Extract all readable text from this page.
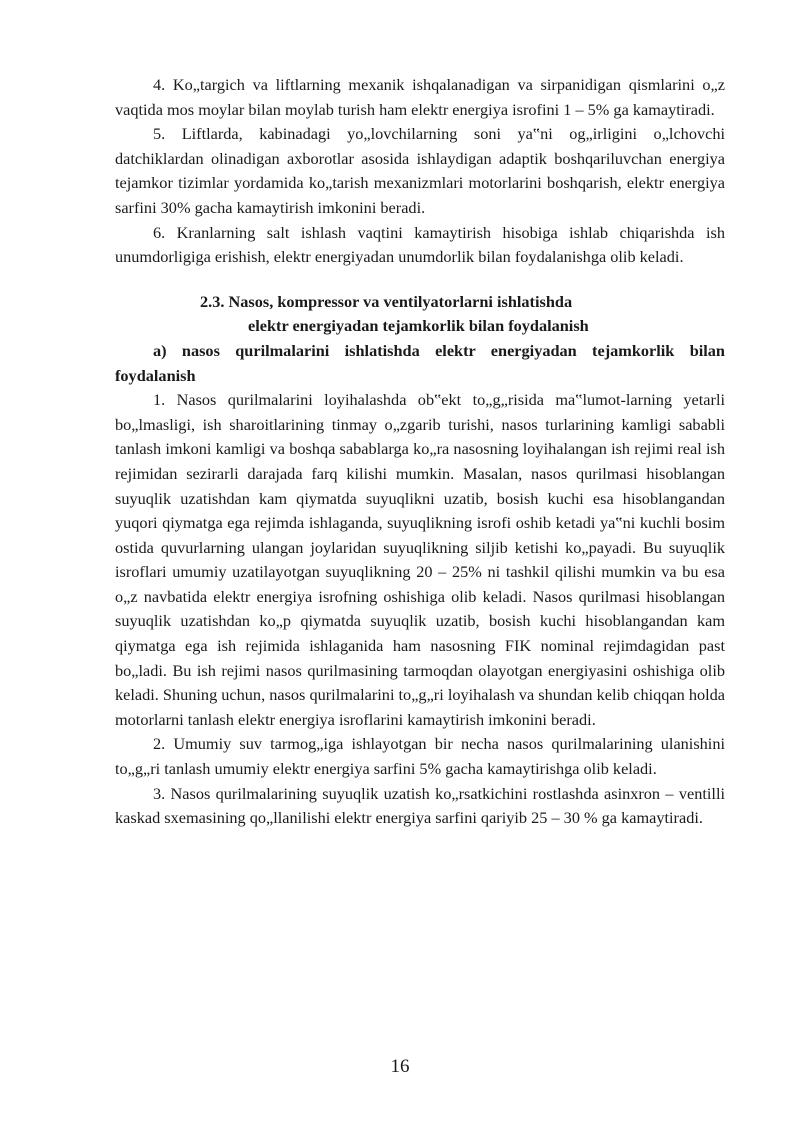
4. Ko„targich va liftlarning mexanik ishqalanadigan va sirpanidigan qismlarini o„z vaqtida mos moylar bilan moylab turish ham elektr energiya isrofini 1 – 5% ga kamaytiradi.

5. Liftlarda, kabinadagi yo„lovchilarning soni ya‟ni og„irligini o„lchovchi datchiklardan olinadigan axborotlar asosida ishlaydigan adaptik boshqariluvchan energiya tejamkor tizimlar yordamida ko„tarish mexanizmlari motorlarini boshqarish, elektr energiya sarfini 30% gacha kamaytirish imkonini beradi.

6. Kranlarning salt ishlash vaqtini kamaytirish hisobiga ishlab chiqarishda ish unumdorligiga erishish, elektr energiyadan unumdorlik bilan foydalanishga olib keladi.

2.3. Nasos, kompressor va ventilyatorlarni ishlatishda
elektr energiyadan tejamkorlik bilan foydalanish

a) nasos qurilmalarini ishlatishda elektr energiyadan tejamkorlik bilan foydalanish

1. Nasos qurilmalarini loyihalashda ob‟ekt to„g„risida ma‟lumot-larning yetarli bo„lmasligi, ish sharoitlarining tinmay o„zgarib turishi, nasos turlarining kamligi sababli tanlash imkoni kamligi va boshqa sabablarga ko„ra nasosning loyihalangan ish rejimi real ish rejimidan sezirarli darajada farq kilishi mumkin. Masalan, nasos qurilmasi hisoblangan suyuqlik uzatishdan kam qiymatda suyuqlikni uzatib, bosish kuchi esa hisoblangandan yuqori qiymatga ega rejimda ishlaganda, suyuqlikning isrofi oshib ketadi ya‟ni kuchli bosim ostida quvurlarning ulangan joylaridan suyuqlikning siljib ketishi ko„payadi. Bu suyuqlik isroflari umumiy uzatilayotgan suyuqlikning 20 – 25% ni tashkil qilishi mumkin va bu esa o„z navbatida elektr energiya isrofning oshishiga olib keladi. Nasos qurilmasi hisoblangan suyuqlik uzatishdan ko„p qiymatda suyuqlik uzatib, bosish kuchi hisoblangandan kam qiymatga ega ish rejimida ishlaganida ham nasosning FIK nominal rejimdagidan past bo„ladi. Bu ish rejimi nasos qurilmasining tarmoqdan olayotgan energiyasini oshishiga olib keladi. Shuning uchun, nasos qurilmalarini to„g„ri loyihalash va shundan kelib chiqqan holda motorlarni tanlash elektr energiya isroflarini kamaytirish imkonini beradi.

2. Umumiy suv tarmog„iga ishlayotgan bir necha nasos qurilmalarining ulanishini to„g„ri tanlash umumiy elektr energiya sarfini 5% gacha kamaytirishga olib keladi.

3. Nasos qurilmalarining suyuqlik uzatish ko„rsatkichini rostlashda asinxron – ventilli kaskad sxemasining qo„llanilishi elektr energiya sarfini qariyib 25 – 30 % ga kamaytiradi.

16
